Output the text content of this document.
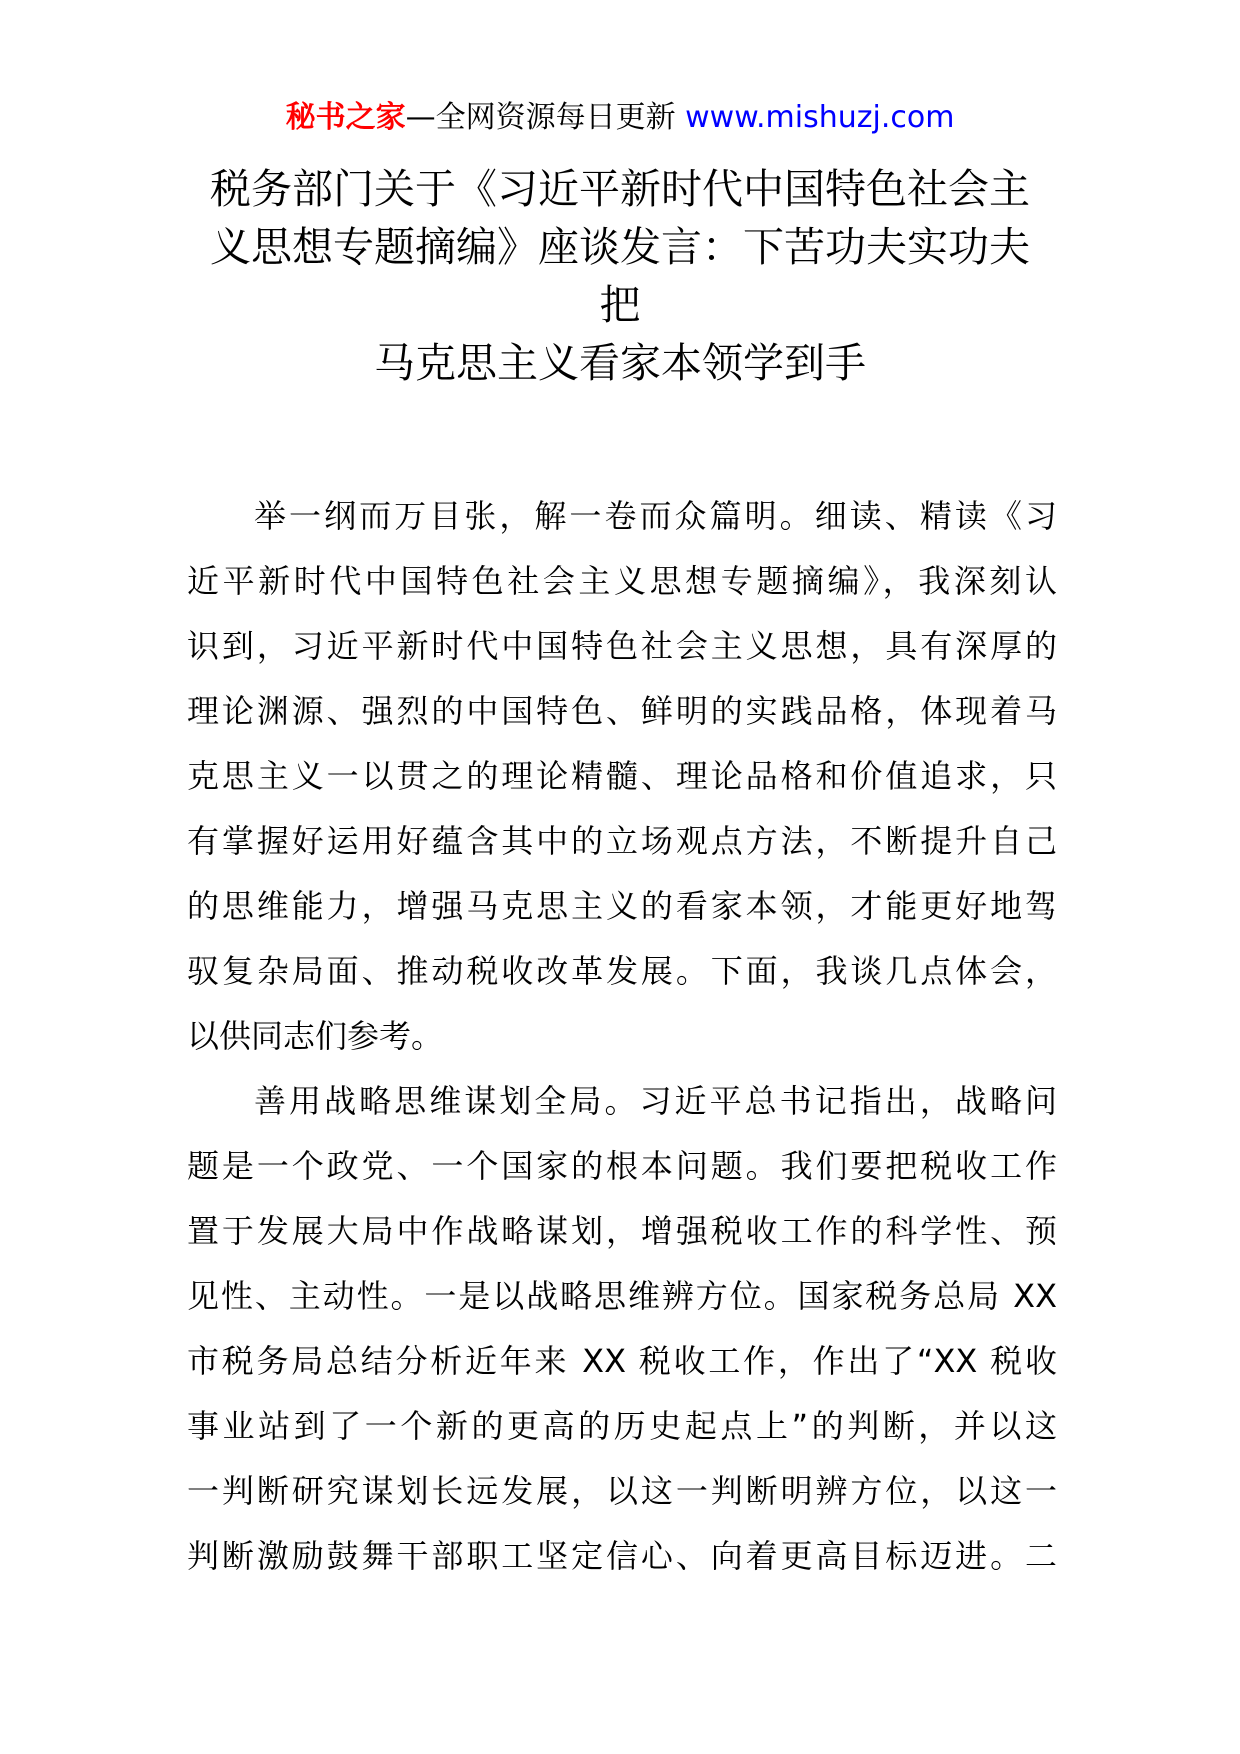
秘书之家—全网资源每日更新 www.mishuzj.com
税务部门关于《习近平新时代中国特色社会主
义思想专题摘编》座谈发言：下苦功夫实功夫
把
马克思主义看家本领学到手
举一纲而万目张，解一卷而众篇明。细读、精读《习
近平新时代中国特色社会主义思想专题摘编》，我深刻认
识到，习近平新时代中国特色社会主义思想，具有深厚的
理论渊源、强烈的中国特色、鲜明的实践品格，体现着马
克思主义一以贯之的理论精髓、理论品格和价值追求，只
有掌握好运用好蕴含其中的立场观点方法，不断提升自己
的思维能力，增强马克思主义的看家本领，才能更好地驾
驭复杂局面、推动税收改革发展。下面，我谈几点体会，
以供同志们参考。
善用战略思维谋划全局。习近平总书记指出，战略问
题是一个政党、一个国家的根本问题。我们要把税收工作
置于发展大局中作战略谋划，增强税收工作的科学性、预
见性、主动性。一是以战略思维辨方位。国家税务总局 XX
市税务局总结分析近年来 XX 税收工作，作出了“XX 税收
事业站到了一个新的更高的历史起点上”的判断，并以这
一判断研究谋划长远发展，以这一判断明辨方位，以这一
判断激励鼓舞干部职工坚定信心、向着更高目标迈进。二
